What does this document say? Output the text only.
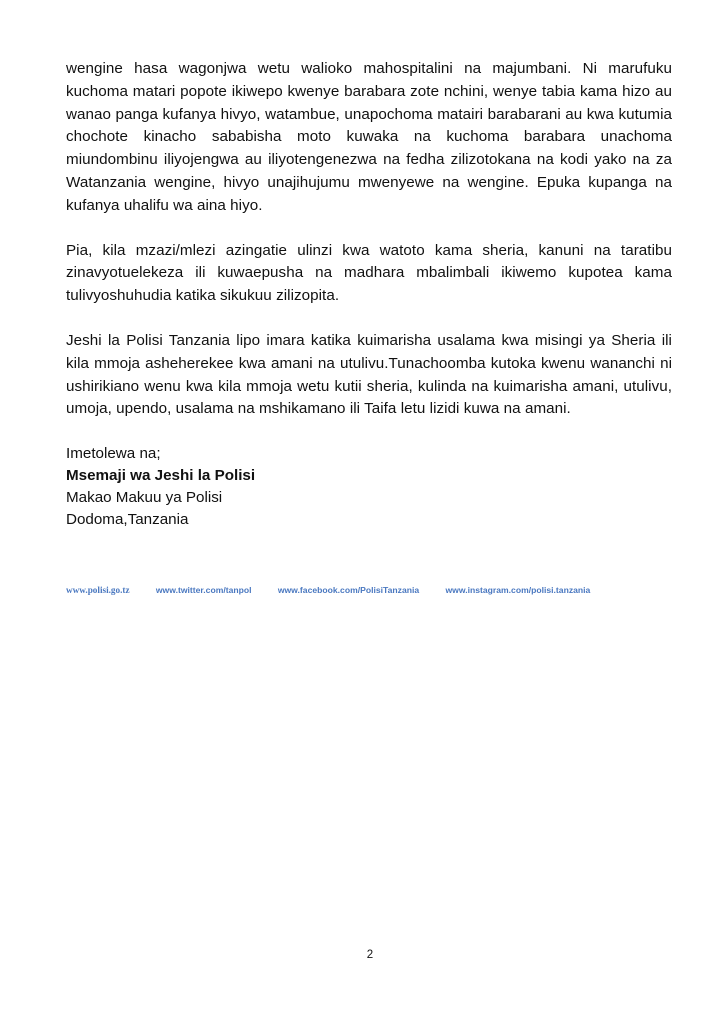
wengine hasa wagonjwa wetu walioko mahospitalini na majumbani. Ni marufuku kuchoma matari popote ikiwepo kwenye barabara zote nchini, wenye tabia kama hizo au wanao panga kufanya hivyo, watambue, unapochoma matairi barabarani au kwa kutumia chochote kinacho sababisha moto kuwaka na kuchoma barabara unachoma miundombinu iliyojengwa au iliyotengenezwa na fedha zilizotokana na kodi yako na za Watanzania wengine, hivyo unajihujumu mwenyewe na wengine. Epuka kupanga na kufanya uhalifu wa aina hiyo.

Pia, kila mzazi/mlezi azingatie ulinzi kwa watoto kama sheria, kanuni na taratibu zinavyotuelekeza ili kuwaepusha na madhara mbalimbali ikiwemo kupotea kama tulivyoshuhudia katika sikukuu zilizopita.

Jeshi la Polisi Tanzania lipo imara katika kuimarisha usalama kwa misingi ya Sheria ili kila mmoja asheherekee kwa amani na utulivu.Tunachoomba kutoka kwenu wananchi ni ushirikiano wenu kwa kila mmoja wetu kutii sheria, kulinda na kuimarisha amani, utulivu, umoja, upendo, usalama na mshikamano ili Taifa letu lizidi kuwa na amani.

Imetolewa na;
Msemaji wa Jeshi la Polisi
Makao Makuu ya Polisi
Dodoma,Tanzania
www.polisi.go.tz	www.twitter.com/tanpol	www.facebook.com/PolisiTanzania	www.instagram.com/polisi.tanzania
2
